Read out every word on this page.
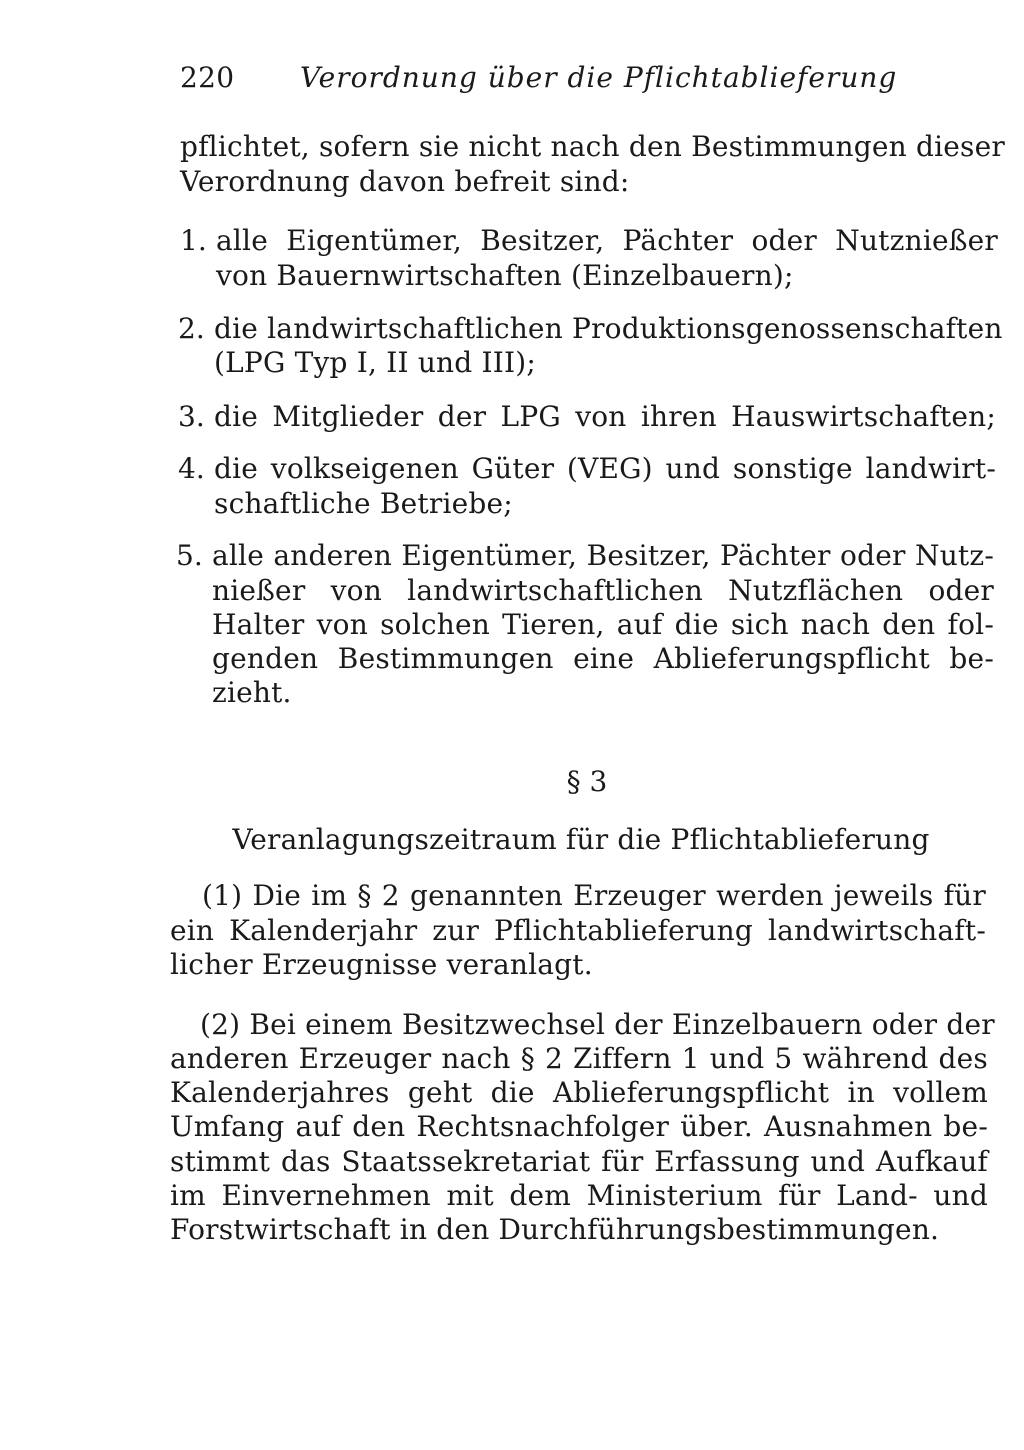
220 Verordnung über die Pflichtablieferung
pflichtet, sofern sie nicht nach den Bestimmungen dieser
Verordnung davon befreit sind:
1. alle Eigentümer, Besitzer, Pächter oder Nutznießer
von Bauernwirtschaften (Einzelbauern);
2. die landwirtschaftlichen Produktionsgenossenschaften
(LPG Typ I, II und III);
3. die Mitglieder der LPG von ihren Hauswirtschaften;
4. die volkseigenen Güter (VEG) und sonstige landwirt-
schaftliche Betriebe;
5. alle anderen Eigentümer, Besitzer, Pächter oder Nutz-
nießer von landwirtschaftlichen Nutzflächen oder
Halter von solchen Tieren, auf die sich nach den fol-
genden Bestimmungen eine Ablieferungspflicht be-
zieht.
§ 3
Veranlagungszeitraum für die Pflichtablieferung
(1) Die im § 2 genannten Erzeuger werden jeweils für
ein Kalenderjahr zur Pflichtablieferung landwirtschaft-
licher Erzeugnisse veranlagt.
(2) Bei einem Besitzwechsel der Einzelbauern oder der
anderen Erzeuger nach § 2 Ziffern 1 und 5 während des
Kalenderjahres geht die Ablieferungspflicht in vollem
Umfang auf den Rechtsnachfolger über. Ausnahmen be-
stimmt das Staatssekretariat für Erfassung und Aufkauf
im Einvernehmen mit dem Ministerium für Land- und
Forstwirtschaft in den Durchführungsbestimmungen.
